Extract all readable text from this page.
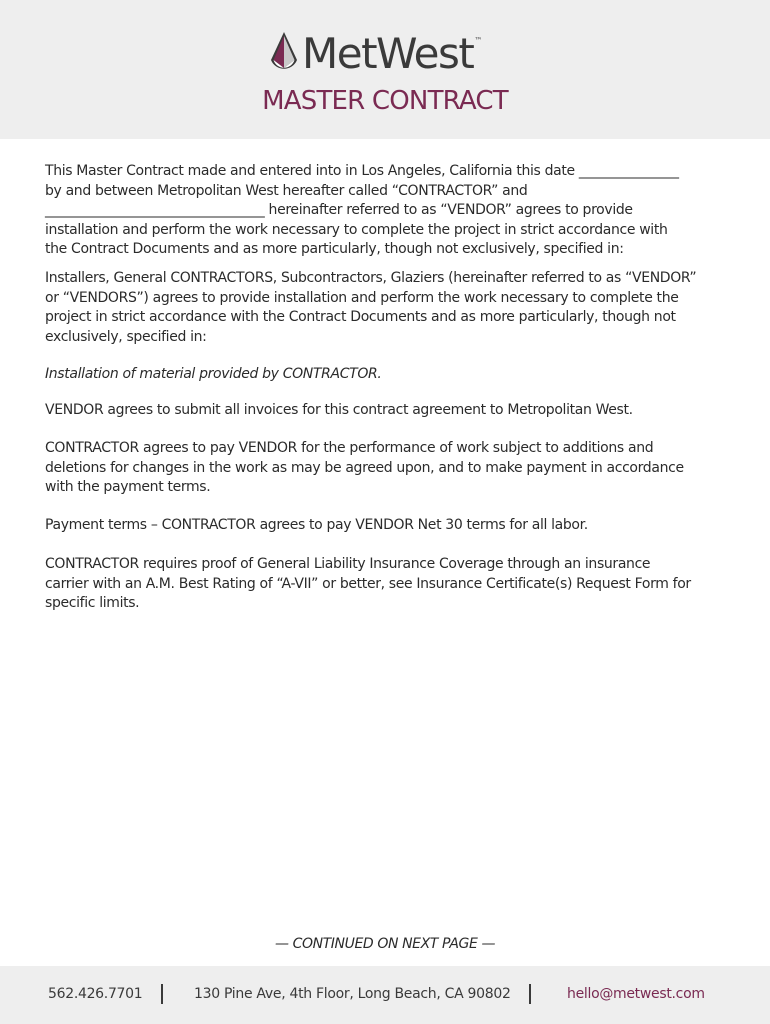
MetWest ™
MASTER CONTRACT

This Master Contract made and entered into in Los Angeles, California this date _______________
by and between Metropolitan West hereafter called “CONTRACTOR” and
_________________________________ hereinafter referred to as “VENDOR” agrees to provide
installation and perform the work necessary to complete the project in strict accordance with
the Contract Documents and as more particularly, though not exclusively, specified in:

Installers, General CONTRACTORS, Subcontractors, Glaziers (hereinafter referred to as “VENDOR”
or “VENDORS”) agrees to provide installation and perform the work necessary to complete the
project in strict accordance with the Contract Documents and as more particularly, though not
exclusively, specified in:

Installation of material provided by CONTRACTOR.

VENDOR agrees to submit all invoices for this contract agreement to Metropolitan West.

CONTRACTOR agrees to pay VENDOR for the performance of work subject to additions and
deletions for changes in the work as may be agreed upon, and to make payment in accordance
with the payment terms.

Payment terms – CONTRACTOR agrees to pay VENDOR Net 30 terms for all labor.

CONTRACTOR requires proof of General Liability Insurance Coverage through an insurance
carrier with an A.M. Best Rating of “A-VII” or better, see Insurance Certificate(s) Request Form for
specific limits.

— CONTINUED ON NEXT PAGE —
562.426.7701	130 Pine Ave, 4th Floor, Long Beach, CA 90802	hello@metwest.com
